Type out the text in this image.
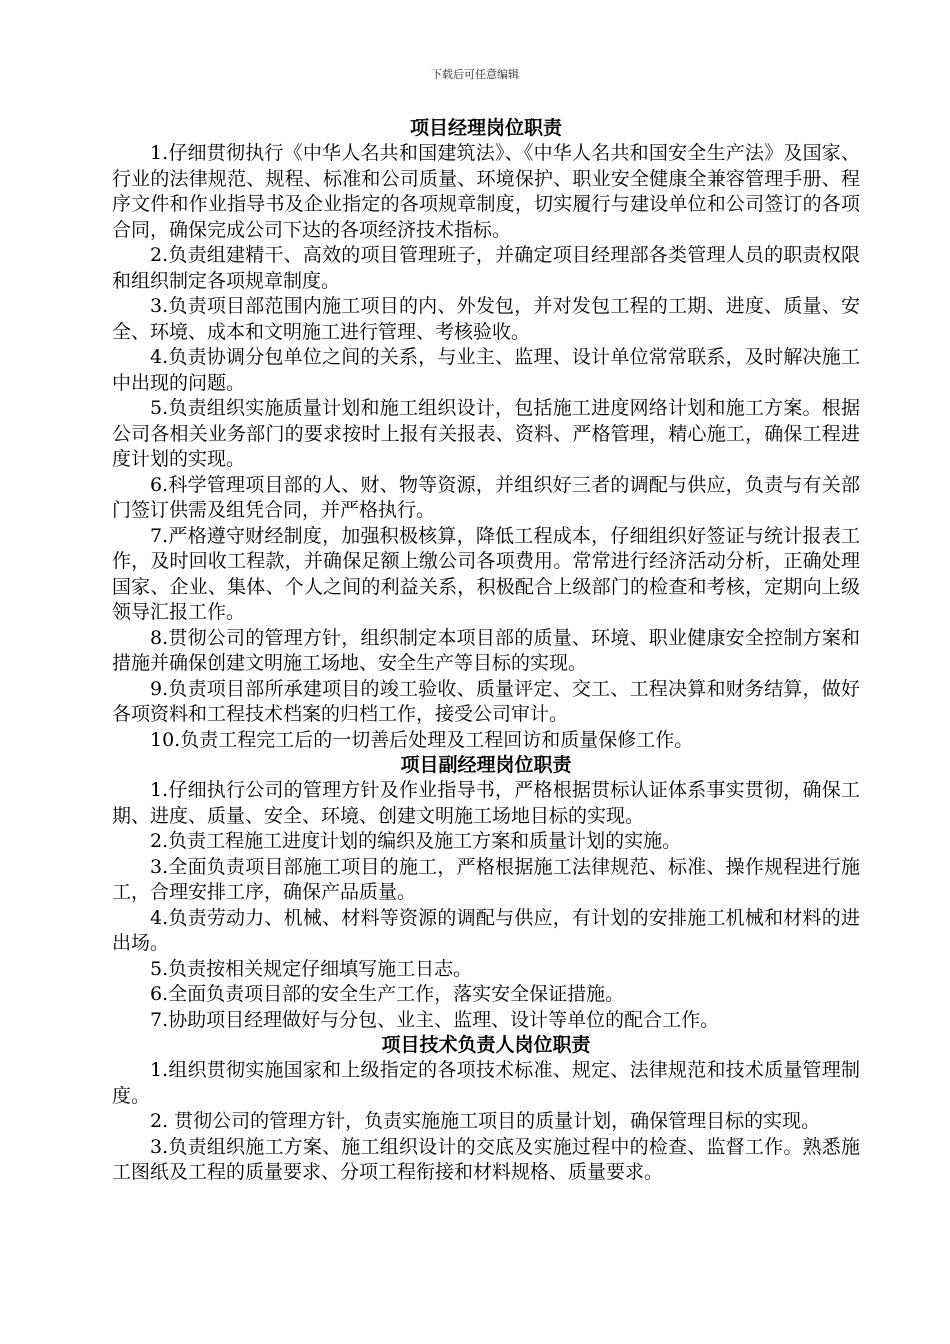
下载后可任意编辑
项目经理岗位职责

1.仔细贯彻执行《中华人名共和国建筑法》、《中华人名共和国安全生产法》及国家、行业的法律规范、规程、标准和公司质量、环境保护、职业安全健康全兼容管理手册、程序文件和作业指导书及企业指定的各项规章制度，切实履行与建设单位和公司签订的各项合同，确保完成公司下达的各项经济技术指标。

2.负责组建精干、高效的项目管理班子，并确定项目经理部各类管理人员的职责权限和组织制定各项规章制度。

3.负责项目部范围内施工项目的内、外发包，并对发包工程的工期、进度、质量、安全、环境、成本和文明施工进行管理、考核验收。

4.负责协调分包单位之间的关系，与业主、监理、设计单位常常联系，及时解决施工中出现的问题。

5.负责组织实施质量计划和施工组织设计，包括施工进度网络计划和施工方案。根据公司各相关业务部门的要求按时上报有关报表、资料、严格管理，精心施工，确保工程进度计划的实现。

6.科学管理项目部的人、财、物等资源，并组织好三者的调配与供应，负责与有关部门签订供需及组凭合同，并严格执行。

7.严格遵守财经制度，加强积极核算，降低工程成本，仔细组织好签证与统计报表工作，及时回收工程款，并确保足额上缴公司各项费用。常常进行经济活动分析，正确处理国家、企业、集体、个人之间的利益关系，积极配合上级部门的检查和考核，定期向上级领导汇报工作。

8.贯彻公司的管理方针，组织制定本项目部的质量、环境、职业健康安全控制方案和措施并确保创建文明施工场地、安全生产等目标的实现。

9.负责项目部所承建项目的竣工验收、质量评定、交工、工程决算和财务结算，做好各项资料和工程技术档案的归档工作，接受公司审计。

10.负责工程完工后的一切善后处理及工程回访和质量保修工作。

项目副经理岗位职责

1.仔细执行公司的管理方针及作业指导书，严格根据贯标认证体系事实贯彻，确保工期、进度、质量、安全、环境、创建文明施工场地目标的实现。

2.负责工程施工进度计划的编织及施工方案和质量计划的实施。

3.全面负责项目部施工项目的施工，严格根据施工法律规范、标准、操作规程进行施工，合理安排工序，确保产品质量。

4.负责劳动力、机械、材料等资源的调配与供应，有计划的安排施工机械和材料的进出场。

5.负责按相关规定仔细填写施工日志。

6.全面负责项目部的安全生产工作，落实安全保证措施。

7.协助项目经理做好与分包、业主、监理、设计等单位的配合工作。

项目技术负责人岗位职责

1.组织贯彻实施国家和上级指定的各项技术标准、规定、法律规范和技术质量管理制度。

2. 贯彻公司的管理方针，负责实施施工项目的质量计划，确保管理目标的实现。

3.负责组织施工方案、施工组织设计的交底及实施过程中的检查、监督工作。熟悉施工图纸及工程的质量要求、分项工程衔接和材料规格、质量要求。
